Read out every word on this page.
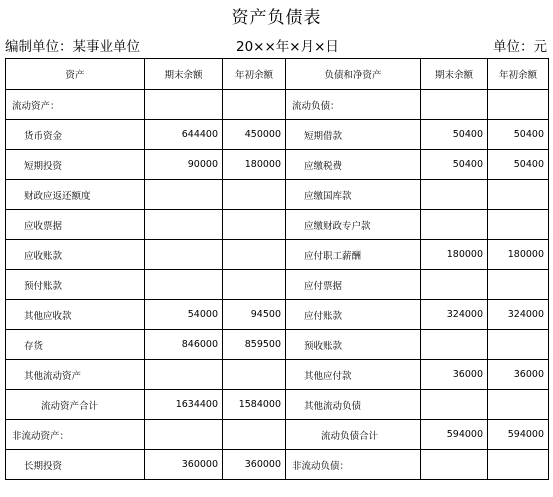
资产负债表
编制单位：某事业单位	20××年×月×日	单位：元
资产	期末余额	年初余额	负债和净资产	期末余额	年初余额
流动资产：			流动负债：		
货币资金	644400	450000	短期借款	50400	50400
短期投资	90000	180000	应缴税费	50400	50400
财政应返还额度			应缴国库款		
应收票据			应缴财政专户款		
应收账款			应付职工薪酬	180000	180000
预付账款			应付票据		
其他应收款	54000	94500	应付账款	324000	324000
存货	846000	859500	预收账款		
其他流动资产			其他应付款	36000	36000
流动资产合计	1634400	1584000	其他流动负债		
非流动资产：			流动负债合计	594000	594000
长期投资	360000	360000	非流动负债：		
